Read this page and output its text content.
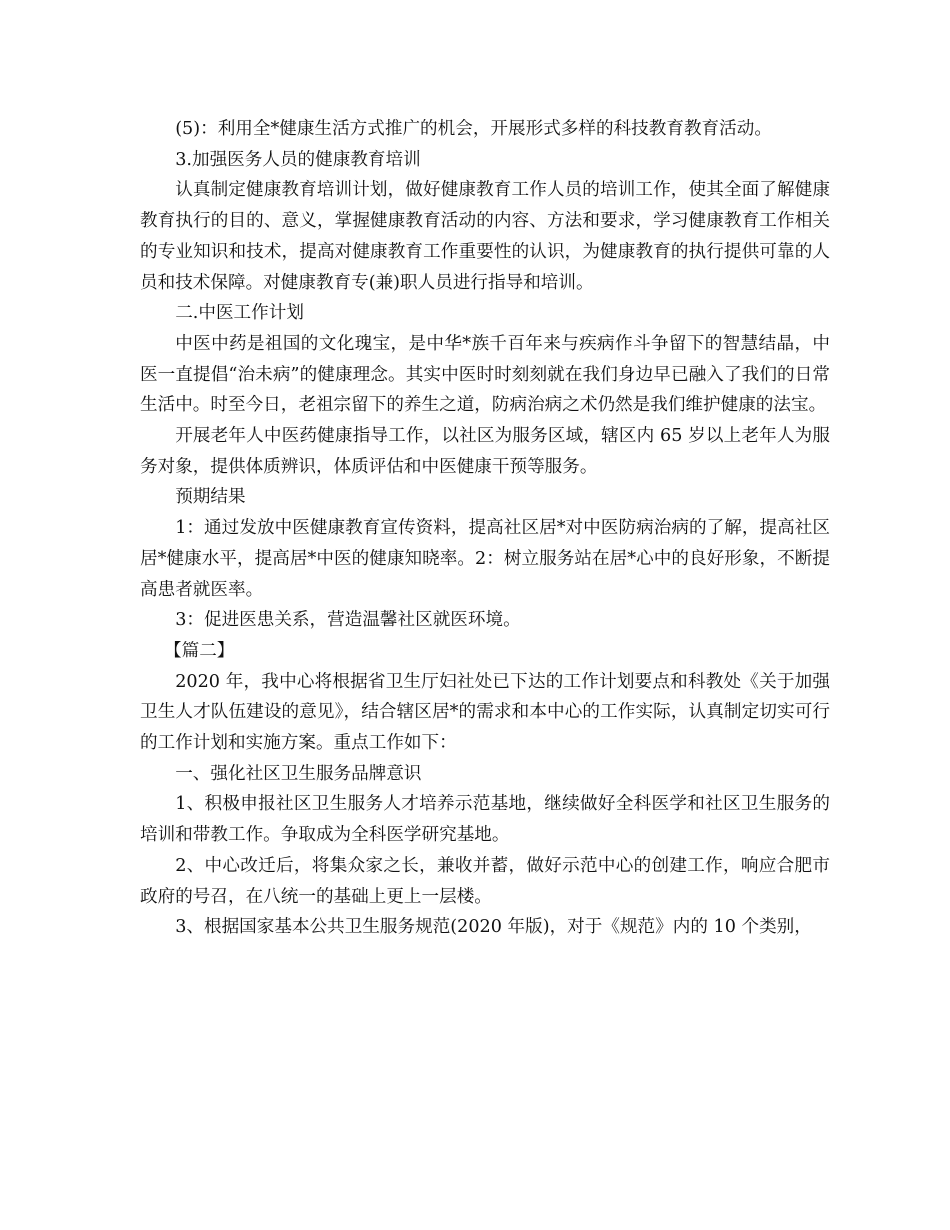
(5)：利用全*健康生活方式推广的机会，开展形式多样的科技教育教育活动。

3.加强医务人员的健康教育培训

认真制定健康教育培训计划，做好健康教育工作人员的培训工作，使其全面了解健康教育执行的目的、意义，掌握健康教育活动的内容、方法和要求，学习健康教育工作相关的专业知识和技术，提高对健康教育工作重要性的认识，为健康教育的执行提供可靠的人员和技术保障。对健康教育专(兼)职人员进行指导和培训。

二.中医工作计划

中医中药是祖国的文化瑰宝，是中华*族千百年来与疾病作斗争留下的智慧结晶，中医一直提倡“治未病”的健康理念。其实中医时时刻刻就在我们身边早已融入了我们的日常生活中。时至今日，老祖宗留下的养生之道，防病治病之术仍然是我们维护健康的法宝。

开展老年人中医药健康指导工作，以社区为服务区域，辖区内 65 岁以上老年人为服务对象，提供体质辨识，体质评估和中医健康干预等服务。

预期结果

1：通过发放中医健康教育宣传资料，提高社区居*对中医防病治病的了解，提高社区居*健康水平，提高居*中医的健康知晓率。2：树立服务站在居*心中的良好形象，不断提高患者就医率。

3：促进医患关系，营造温馨社区就医环境。

【篇二】

2020 年，我中心将根据省卫生厅妇社处已下达的工作计划要点和科教处《关于加强卫生人才队伍建设的意见》，结合辖区居*的需求和本中心的工作实际，认真制定切实可行的工作计划和实施方案。重点工作如下：

一、强化社区卫生服务品牌意识

1、积极申报社区卫生服务人才培养示范基地，继续做好全科医学和社区卫生服务的培训和带教工作。争取成为全科医学研究基地。

2、中心改迁后，将集众家之长，兼收并蓄，做好示范中心的创建工作，响应合肥市政府的号召，在八统一的基础上更上一层楼。

3、根据国家基本公共卫生服务规范(2020 年版)，对于《规范》内的 10 个类别，
